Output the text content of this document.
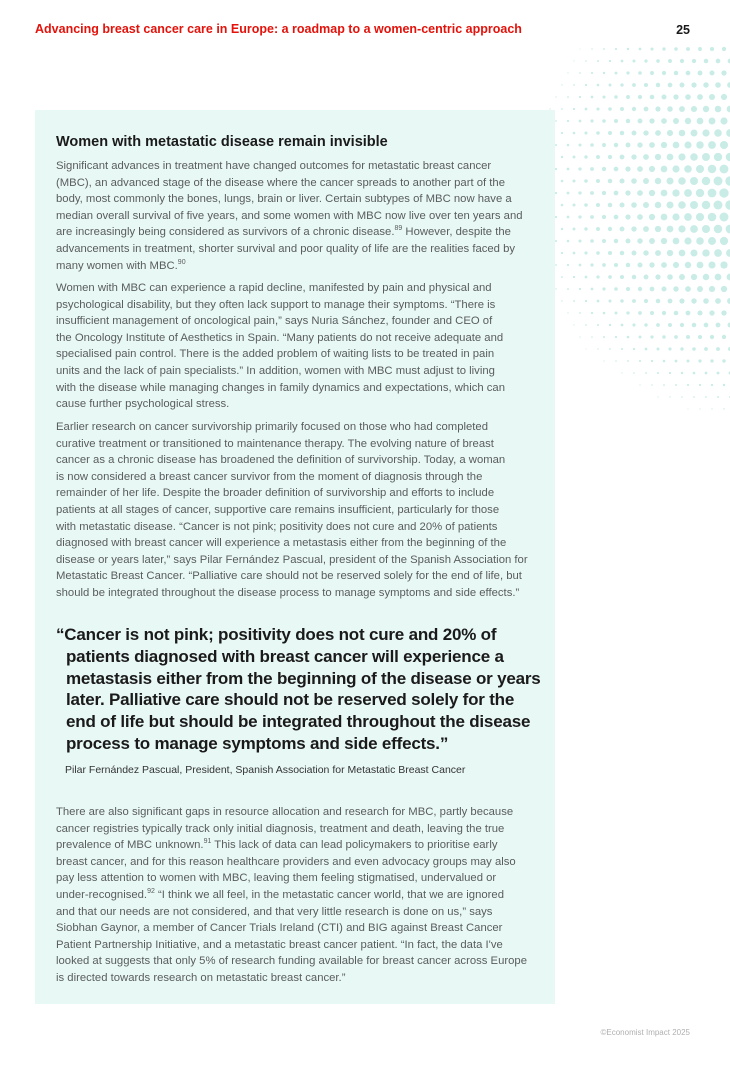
Advancing breast cancer care in Europe: a roadmap to a women-centric approach	25
Women with metastatic disease remain invisible

Significant advances in treatment have changed outcomes for metastatic breast cancer
(MBC), an advanced stage of the disease where the cancer spreads to another part of the
body, most commonly the bones, lungs, brain or liver. Certain subtypes of MBC now have a
median overall survival of five years, and some women with MBC now live over ten years and
are increasingly being considered as survivors of a chronic disease.$^{89}$ However, despite the
advancements in treatment, shorter survival and poor quality of life are the realities faced by
many women with MBC.$^{90}$

Women with MBC can experience a rapid decline, manifested by pain and physical and
psychological disability, but they often lack support to manage their symptoms. “There is
insufficient management of oncological pain,” says Nuria Sánchez, founder and CEO of
the Oncology Institute of Aesthetics in Spain. “Many patients do not receive adequate and
specialised pain control. There is the added problem of waiting lists to be treated in pain
units and the lack of pain specialists.” In addition, women with MBC must adjust to living
with the disease while managing changes in family dynamics and expectations, which can
cause further psychological stress.

Earlier research on cancer survivorship primarily focused on those who had completed
curative treatment or transitioned to maintenance therapy. The evolving nature of breast
cancer as a chronic disease has broadened the definition of survivorship. Today, a woman
is now considered a breast cancer survivor from the moment of diagnosis through the
remainder of her life. Despite the broader definition of survivorship and efforts to include
patients at all stages of cancer, supportive care remains insufficient, particularly for those
with metastatic disease. “Cancer is not pink; positivity does not cure and 20% of patients
diagnosed with breast cancer will experience a metastasis either from the beginning of the
disease or years later,” says Pilar Fernández Pascual, president of the Spanish Association for
Metastatic Breast Cancer. “Palliative care should not be reserved solely for the end of life, but
should be integrated throughout the disease process to manage symptoms and side effects.”

“Cancer is not pink; positivity does not cure and 20% of
patients diagnosed with breast cancer will experience a
metastasis either from the beginning of the disease or years
later. Palliative care should not be reserved solely for the
end of life but should be integrated throughout the disease
process to manage symptoms and side effects.”
Pilar Fernández Pascual, President, Spanish Association for Metastatic Breast Cancer

There are also significant gaps in resource allocation and research for MBC, partly because
cancer registries typically track only initial diagnosis, treatment and death, leaving the true
prevalence of MBC unknown.$^{91}$ This lack of data can lead policymakers to prioritise early
breast cancer, and for this reason healthcare providers and even advocacy groups may also
pay less attention to women with MBC, leaving them feeling stigmatised, undervalued or
under-recognised.$^{92}$ “I think we all feel, in the metastatic cancer world, that we are ignored
and that our needs are not considered, and that very little research is done on us,” says
Siobhan Gaynor, a member of Cancer Trials Ireland (CTI) and BIG against Breast Cancer
Patient Partnership Initiative, and a metastatic breast cancer patient. “In fact, the data I've
looked at suggests that only 5% of research funding available for breast cancer across Europe
is directed towards research on metastatic breast cancer.”

©Economist Impact 2025
